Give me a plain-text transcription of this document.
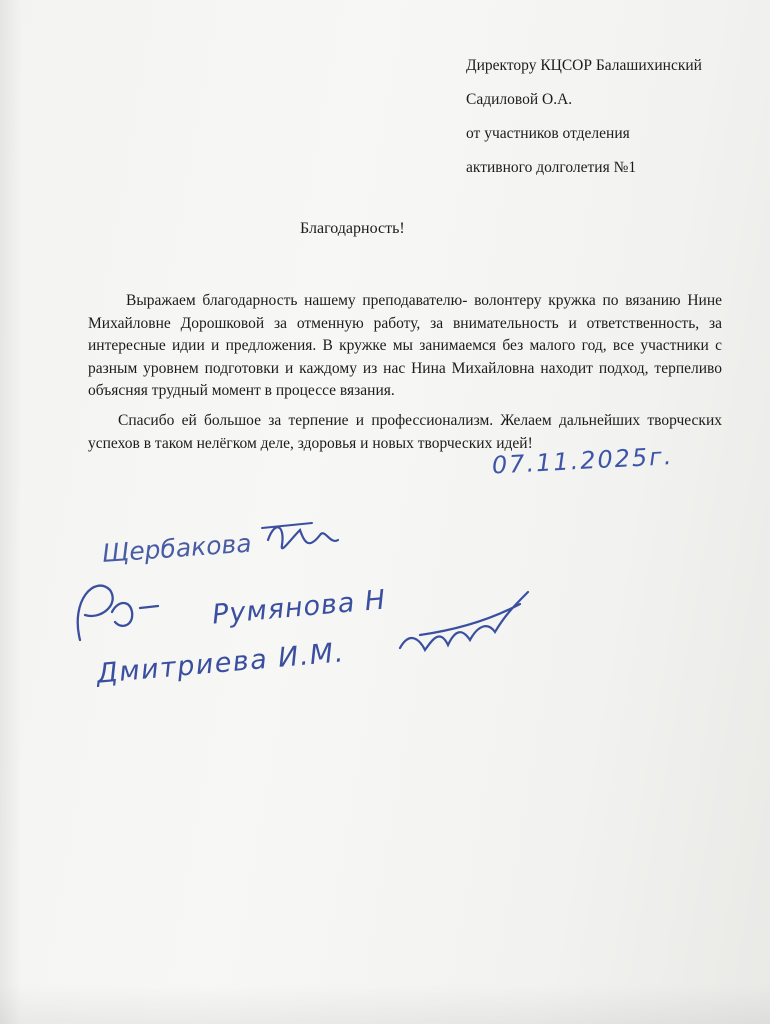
Директору КЦСОР Балашихинский
Садиловой О.А.
от участников отделения
активного долголетия №1
Благодарность!

Выражаем благодарность нашему преподавателю- волонтеру кружка по вязанию Нине Михайловне Дорошковой за отменную работу, за внимательность и ответственность, за интересные идии и предложения. В кружке мы занимаемся без малого год, все участники с разным уровнем подготовки и каждому из нас Нина Михайловна находит подход, терпеливо объясняя трудный момент в процессе вязания.

Спасибо ей большое за терпение и профессионализм. Желаем дальнейших творческих успехов в таком нелёгком деле, здоровья и новых творческих идей!

07.11.2025г.
Щербакова
Румянова Н
Дмитриева И.М.
